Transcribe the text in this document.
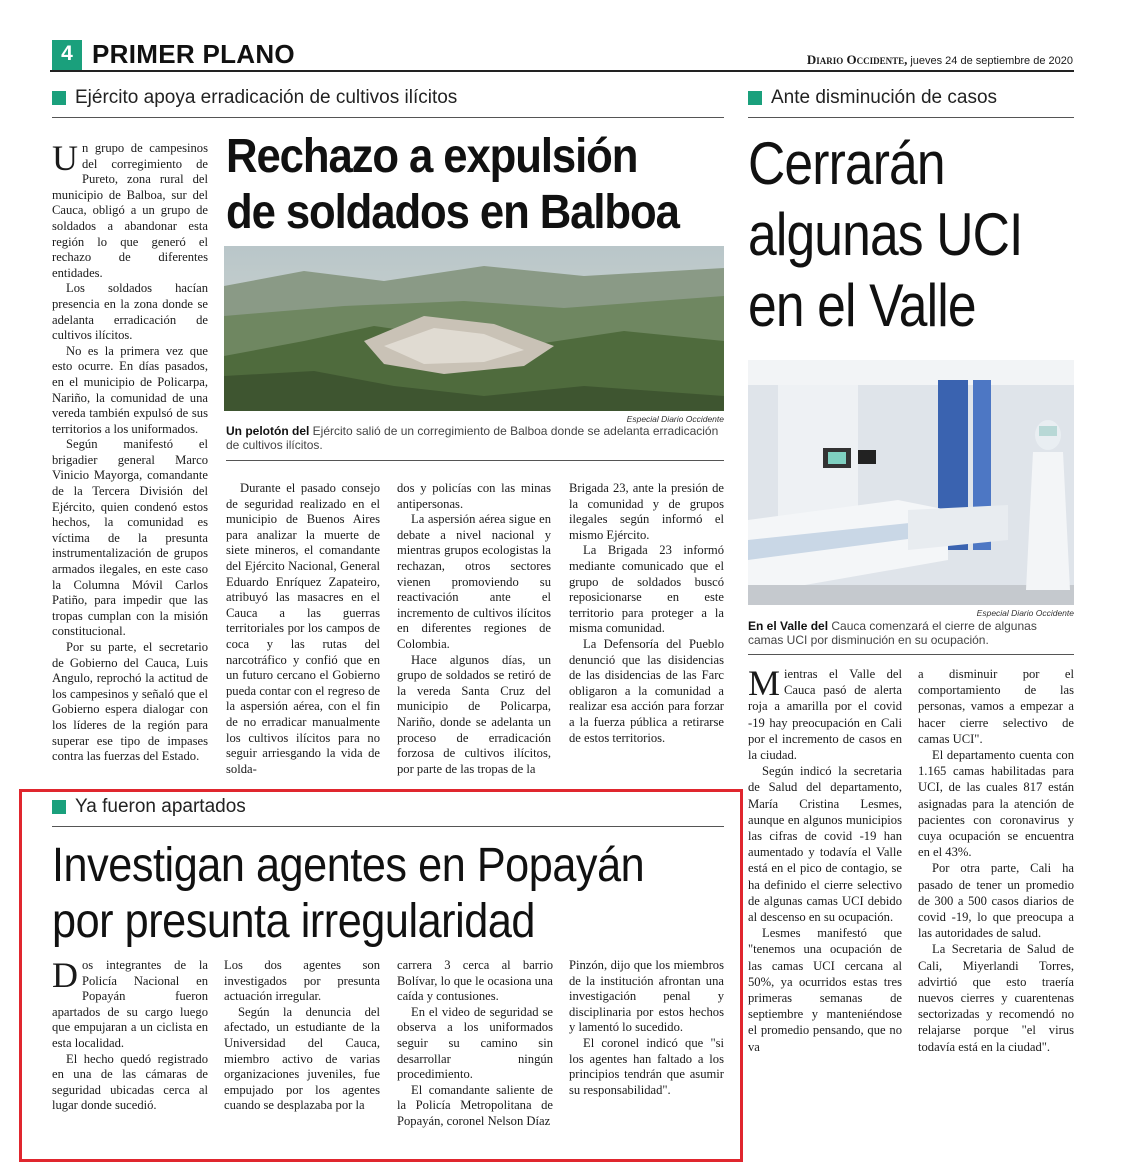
4 PRIMER PLANO	Diario Occidente, jueves 24 de septiembre de 2020
Ejército apoya erradicación de cultivos ilícitos
Rechazo a expulsión
de soldados en Balboa
Especial Diario Occidente
Un pelotón del Ejército salió de un corregimiento de Balboa donde se adelanta erradicación de cultivos ilícitos.

Un grupo de campesinos del corregimiento de Pureto, zona rural del municipio de Balboa, sur del Cauca, obligó a un grupo de soldados a abandonar esta región lo que generó el rechazo de diferentes entidades.

Los soldados hacían presencia en la zona donde se adelanta erradicación de cultivos ilícitos.

No es la primera vez que esto ocurre. En días pasados, en el municipio de Policarpa, Nariño, la comunidad de una vereda también expulsó de sus territorios a los uniformados.

Según manifestó el brigadier general Marco Vinicio Mayorga, comandante de la Tercera División del Ejército, quien condenó estos hechos, la comunidad es víctima de la presunta instrumentalización de grupos armados ilegales, en este caso la Columna Móvil Carlos Patiño, para impedir que las tropas cumplan con la misión constitucional.

Por su parte, el secretario de Gobierno del Cauca, Luis Angulo, reprochó la actitud de los campesinos y señaló que el Gobierno espera dialogar con los líderes de la región para superar ese tipo de impases contra las fuerzas del Estado.

Durante el pasado consejo de seguridad realizado en el municipio de Buenos Aires para analizar la muerte de siete mineros, el comandante del Ejército Nacional, General Eduardo Enríquez Zapateiro, atribuyó las masacres en el Cauca a las guerras territoriales por los campos de coca y las rutas del narcotráfico y confió que en un futuro cercano el Gobierno pueda contar con el regreso de la aspersión aérea, con el fin de no erradicar manualmente los cultivos ilícitos para no seguir arriesgando la vida de solda-

dos y policías con las minas antipersonas.

La aspersión aérea sigue en debate a nivel nacional y mientras grupos ecologistas la rechazan, otros sectores vienen promoviendo su reactivación ante el incremento de cultivos ilícitos en diferentes regiones de Colombia.

Hace algunos días, un grupo de soldados se retiró de la vereda Santa Cruz del municipio de Policarpa, Nariño, donde se adelanta un proceso de erradicación forzosa de cultivos ilícitos, por parte de las tropas de la

Brigada 23, ante la presión de la comunidad y de grupos ilegales según informó el mismo Ejército.

La Brigada 23 informó mediante comunicado que el grupo de soldados buscó reposicionarse en este territorio para proteger a la misma comunidad.

La Defensoría del Pueblo denunció que las disidencias de las disidencias de las Farc obligaron a la comunidad a realizar esa acción para forzar a la fuerza pública a retirarse de estos territorios.

Ante disminución de casos
Cerrarán
algunas UCI
en el Valle
Especial Diario Occidente
En el Valle del Cauca comenzará el cierre de algunas camas UCI por disminución en su ocupación.

Mientras el Valle del Cauca pasó de alerta roja a amarilla por el covid -19 hay preocupación en Cali por el incremento de casos en la ciudad.

Según indicó la secretaria de Salud del departamento, María Cristina Lesmes, aunque en algunos municipios las cifras de covid -19 han aumentado y todavía el Valle está en el pico de contagio, se ha definido el cierre selectivo de algunas camas UCI debido al descenso en su ocupación.

Lesmes manifestó que "tenemos una ocupación de las camas UCI cercana al 50%, ya ocurridos estas tres primeras semanas de septiembre y manteniéndose el promedio pensando, que no va

a disminuir por el comportamiento de las personas, vamos a empezar a hacer cierre selectivo de camas UCI".

El departamento cuenta con 1.165 camas habilitadas para UCI, de las cuales 817 están asignadas para la atención de pacientes con coronavirus y cuya ocupación se encuentra en el 43%.

Por otra parte, Cali ha pasado de tener un promedio de 300 a 500 casos diarios de covid -19, lo que preocupa a las autoridades de salud.

La Secretaria de Salud de Cali, Miyerlandi Torres, advirtió que esto traería nuevos cierres y cuarentenas sectorizadas y recomendó no relajarse porque "el virus todavía está en la ciudad".

Ya fueron apartados
Investigan agentes en Popayán
por presunta irregularidad

Dos integrantes de la Policía Nacional en Popayán fueron apartados de su cargo luego que empujaran a un ciclista en esta localidad.

El hecho quedó registrado en una de las cámaras de seguridad ubicadas cerca al lugar donde sucedió.

Los dos agentes son investigados por presunta actuación irregular.

Según la denuncia del afectado, un estudiante de la Universidad del Cauca, miembro activo de varias organizaciones juveniles, fue empujado por los agentes cuando se desplazaba por la

carrera 3 cerca al barrio Bolívar, lo que le ocasiona una caída y contusiones.

En el video de seguridad se observa a los uniformados seguir su camino sin desarrollar ningún procedimiento.

El comandante saliente de la Policía Metropolitana de Popayán, coronel Nelson Díaz

Pinzón, dijo que los miembros de la institución afrontan una investigación penal y disciplinaria por estos hechos y lamentó lo sucedido.

El coronel indicó que "si los agentes han faltado a los principios tendrán que asumir su responsabilidad".
